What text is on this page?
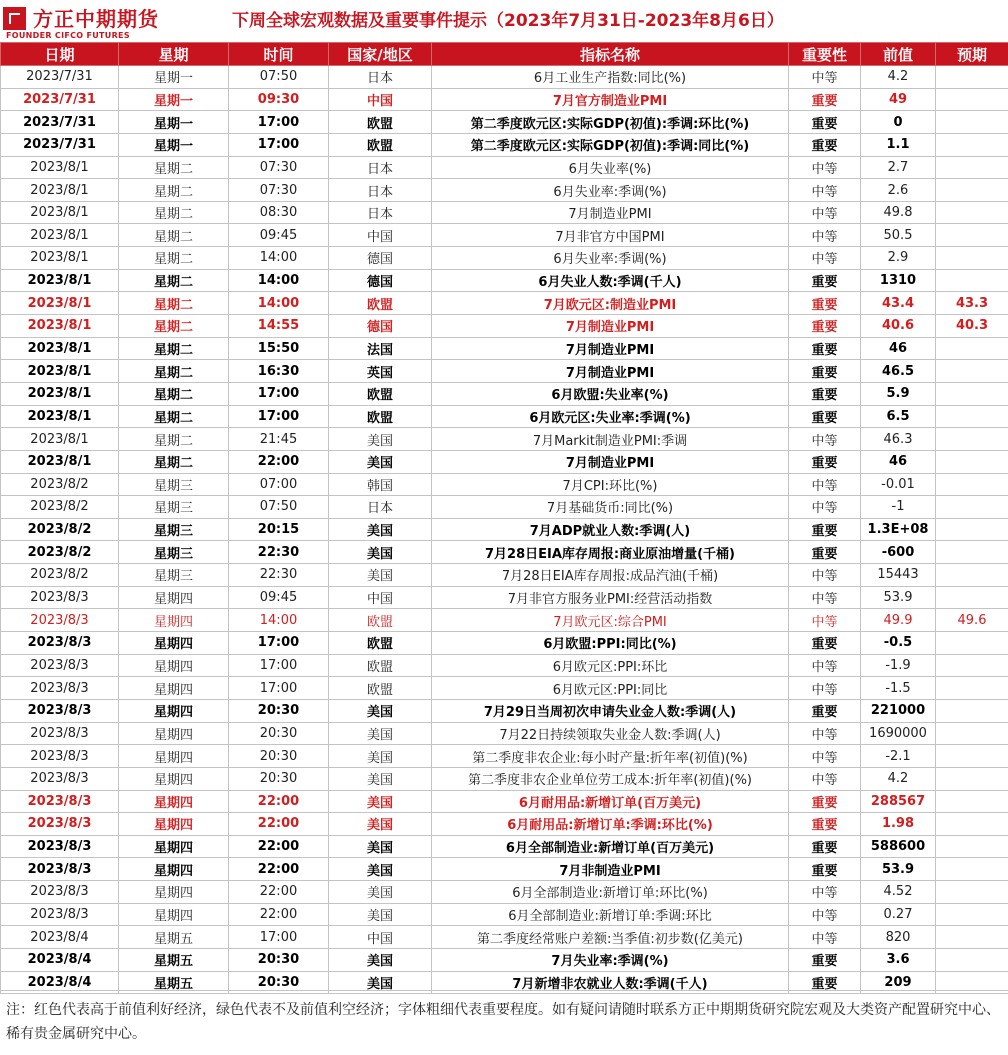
方正中期期货
FOUNDER CIFCO FUTURES
下周全球宏观数据及重要事件提示（2023年7月31日-2023年8月6日）
日期	星期	时间	国家/地区	指标名称	重要性	前值	预期
2023/7/31	星期一	07:50	日本	6月工业生产指数:同比(%)	中等	4.2	
2023/7/31	星期一	09:30	中国	7月官方制造业PMI	重要	49	
2023/7/31	星期一	17:00	欧盟	第二季度欧元区:实际GDP(初值):季调:环比(%)	重要	0	
2023/7/31	星期一	17:00	欧盟	第二季度欧元区:实际GDP(初值):季调:同比(%)	重要	1.1	
2023/8/1	星期二	07:30	日本	6月失业率(%)	中等	2.7	
2023/8/1	星期二	07:30	日本	6月失业率:季调(%)	中等	2.6	
2023/8/1	星期二	08:30	日本	7月制造业PMI	中等	49.8	
2023/8/1	星期二	09:45	中国	7月非官方中国PMI	中等	50.5	
2023/8/1	星期二	14:00	德国	6月失业率:季调(%)	中等	2.9	
2023/8/1	星期二	14:00	德国	6月失业人数:季调(千人)	重要	1310	
2023/8/1	星期二	14:00	欧盟	7月欧元区:制造业PMI	重要	43.4	43.3
2023/8/1	星期二	14:55	德国	7月制造业PMI	重要	40.6	40.3
2023/8/1	星期二	15:50	法国	7月制造业PMI	重要	46	
2023/8/1	星期二	16:30	英国	7月制造业PMI	重要	46.5	
2023/8/1	星期二	17:00	欧盟	6月欧盟:失业率(%)	重要	5.9	
2023/8/1	星期二	17:00	欧盟	6月欧元区:失业率:季调(%)	重要	6.5	
2023/8/1	星期二	21:45	美国	7月Markit制造业PMI:季调	中等	46.3	
2023/8/1	星期二	22:00	美国	7月制造业PMI	重要	46	
2023/8/2	星期三	07:00	韩国	7月CPI:环比(%)	中等	-0.01	
2023/8/2	星期三	07:50	日本	7月基础货币:同比(%)	中等	-1	
2023/8/2	星期三	20:15	美国	7月ADP就业人数:季调(人)	重要	1.3E+08	
2023/8/2	星期三	22:30	美国	7月28日EIA库存周报:商业原油增量(千桶)	重要	-600	
2023/8/2	星期三	22:30	美国	7月28日EIA库存周报:成品汽油(千桶)	中等	15443	
2023/8/3	星期四	09:45	中国	7月非官方服务业PMI:经营活动指数	中等	53.9	
2023/8/3	星期四	14:00	欧盟	7月欧元区:综合PMI	中等	49.9	49.6
2023/8/3	星期四	17:00	欧盟	6月欧盟:PPI:同比(%)	重要	-0.5	
2023/8/3	星期四	17:00	欧盟	6月欧元区:PPI:环比	中等	-1.9	
2023/8/3	星期四	17:00	欧盟	6月欧元区:PPI:同比	中等	-1.5	
2023/8/3	星期四	20:30	美国	7月29日当周初次申请失业金人数:季调(人)	重要	221000	
2023/8/3	星期四	20:30	美国	7月22日持续领取失业金人数:季调(人)	中等	1690000	
2023/8/3	星期四	20:30	美国	第二季度非农企业:每小时产量:折年率(初值)(%)	中等	-2.1	
2023/8/3	星期四	20:30	美国	第二季度非农企业单位劳工成本:折年率(初值)(%)	中等	4.2	
2023/8/3	星期四	22:00	美国	6月耐用品:新增订单(百万美元)	重要	288567	
2023/8/3	星期四	22:00	美国	6月耐用品:新增订单:季调:环比(%)	重要	1.98	
2023/8/3	星期四	22:00	美国	6月全部制造业:新增订单(百万美元)	重要	588600	
2023/8/3	星期四	22:00	美国	7月非制造业PMI	重要	53.9	
2023/8/3	星期四	22:00	美国	6月全部制造业:新增订单:环比(%)	中等	4.52	
2023/8/3	星期四	22:00	美国	6月全部制造业:新增订单:季调:环比	中等	0.27	
2023/8/4	星期五	17:00	中国	第二季度经常账户差额:当季值:初步数(亿美元)	中等	820	
2023/8/4	星期五	20:30	美国	7月失业率:季调(%)	重要	3.6	
2023/8/4	星期五	20:30	美国	7月新增非农就业人数:季调(千人)	重要	209	

注：红色代表高于前值利好经济，绿色代表不及前值利空经济；字体粗细代表重要程度。如有疑问请随时联系方正中期期货研究院宏观及大类资产配置研究中心、稀有贵金属研究中心。
